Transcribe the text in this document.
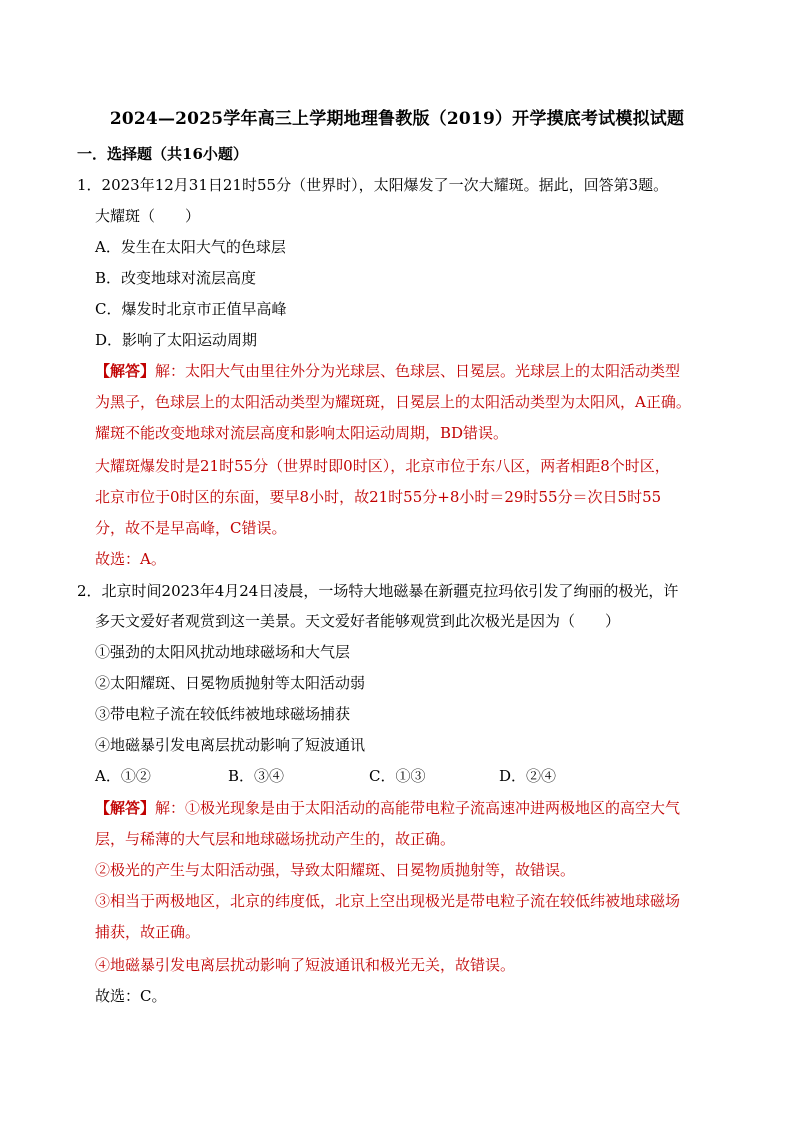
2024—2025学年高三上学期地理鲁教版（2019）开学摸底考试模拟试题
一．选择题（共16小题）
1．2023年12月31日21时55分（世界时），太阳爆发了一次大耀斑。据此，回答第3题。
大耀斑（　　）
A．发生在太阳大气的色球层
B．改变地球对流层高度
C．爆发时北京市正值早高峰
D．影响了太阳运动周期
【解答】解：太阳大气由里往外分为光球层、色球层、日冕层。光球层上的太阳活动类型
为黑子，色球层上的太阳活动类型为耀斑斑，日冕层上的太阳活动类型为太阳风，A正确。
耀斑不能改变地球对流层高度和影响太阳运动周期，BD错误。
大耀斑爆发时是21时55分（世界时即0时区），北京市位于东八区，两者相距8个时区，
北京市位于0时区的东面，要早8小时，故21时55分+8小时＝29时55分＝次日5时55
分，故不是早高峰，C错误。
故选：A。
2．北京时间2023年4月24日凌晨，一场特大地磁暴在新疆克拉玛依引发了绚丽的极光，许
多天文爱好者观赏到这一美景。天文爱好者能够观赏到此次极光是因为（　　）
①强劲的太阳风扰动地球磁场和大气层
②太阳耀斑、日冕物质抛射等太阳活动弱
③带电粒子流在较低纬被地球磁场捕获
④地磁暴引发电离层扰动影响了短波通讯
A．①②	B．③④	C．①③	D．②④
【解答】解：①极光现象是由于太阳活动的高能带电粒子流高速冲进两极地区的高空大气
层，与稀薄的大气层和地球磁场扰动产生的，故正确。
②极光的产生与太阳活动强，导致太阳耀斑、日冕物质抛射等，故错误。
③相当于两极地区，北京的纬度低，北京上空出现极光是带电粒子流在较低纬被地球磁场
捕获，故正确。
④地磁暴引发电离层扰动影响了短波通讯和极光无关，故错误。
故选：C。
